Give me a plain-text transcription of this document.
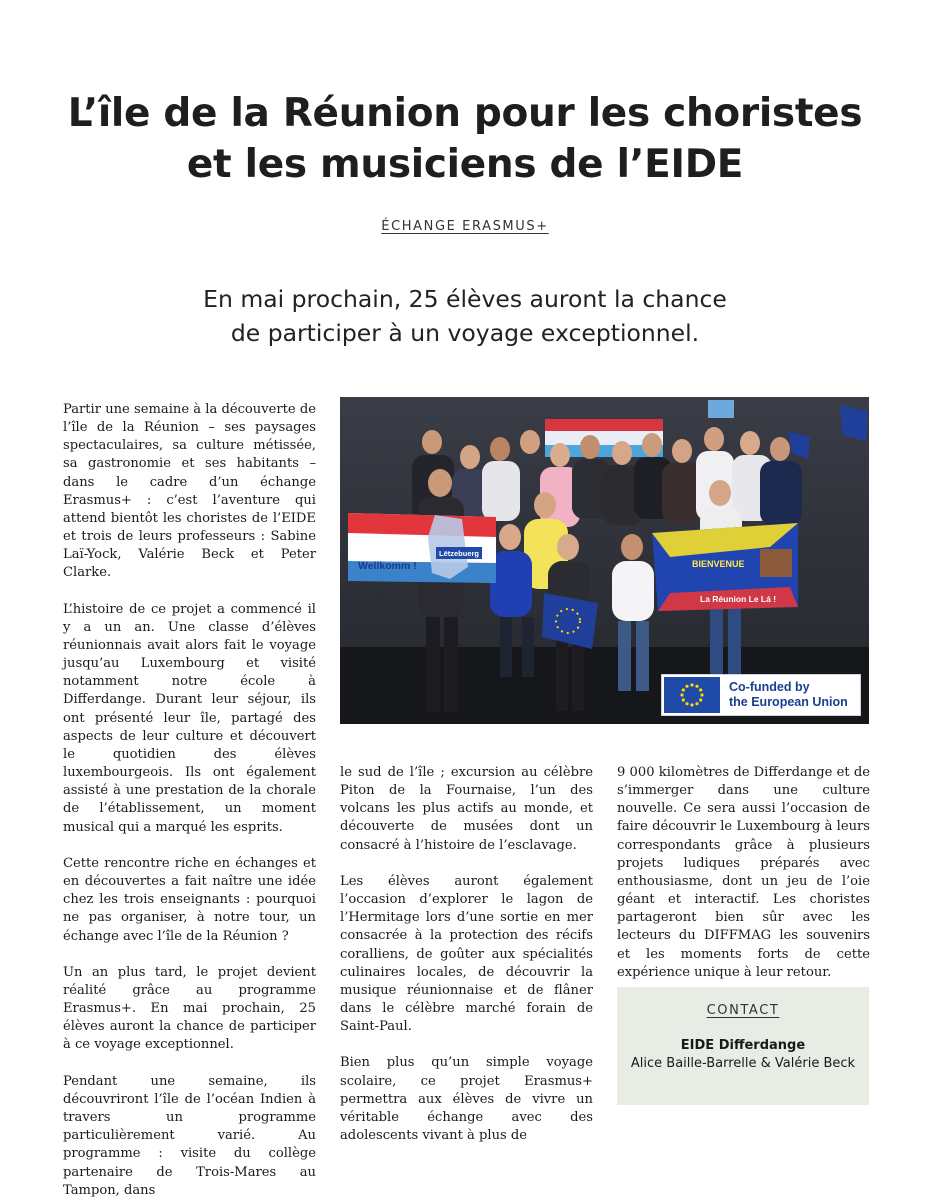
L’île de la Réunion pour les choristes
et les musiciens de l’EIDE
ÉCHANGE ERASMUS+
En mai prochain, 25 élèves auront la chance
de participer à un voyage exceptionnel.

Partir une semaine à la découverte de l’île de la Réunion – ses paysages spectaculaires, sa culture métissée, sa gastronomie et ses habitants – dans le cadre d’un échange Erasmus+ : c’est l’aventure qui attend bientôt les choristes de l’EIDE et trois de leurs professeurs : Sabine Laï-Yock, Valérie Beck et Peter Clarke.

L’histoire de ce projet a commencé il y a un an. Une classe d’élèves réunionnais avait alors fait le voyage jusqu’au Luxembourg et visité notamment notre école à Differdange. Durant leur séjour, ils ont présenté leur île, partagé des aspects de leur culture et découvert le quotidien des élèves luxembourgeois. Ils ont également assisté à une prestation de la chorale de l’établissement, un moment musical qui a marqué les esprits.

Cette rencontre riche en échanges et en découvertes a fait naître une idée chez les trois enseignants : pourquoi ne pas organiser, à notre tour, un échange avec l’île de la Réunion ?

Un an plus tard, le projet devient réalité grâce au programme Erasmus+. En mai prochain, 25 élèves auront la chance de participer à ce voyage exceptionnel.

Pendant une semaine, ils découvriront l’île de l’océan Indien à travers un programme particulièrement varié. Au programme : visite du collège partenaire de Trois-Mares au Tampon, dans

Wellkomm !
Lëtzebuerg
BIENVENUE
La Réunion Le Lá !
Co-funded by
the European Union

le sud de l’île ; excursion au célèbre Piton de la Fournaise, l’un des volcans les plus actifs au monde, et découverte de musées dont un consacré à l’histoire de l’esclavage.

Les élèves auront également l’occasion d’explorer le lagon de l’Hermitage lors d’une sortie en mer consacrée à la protection des récifs coralliens, de goûter aux spécialités culinaires locales, de découvrir la musique réunionnaise et de flâner dans le célèbre marché forain de Saint-Paul.

Bien plus qu’un simple voyage scolaire, ce projet Erasmus+ permettra aux élèves de vivre un véritable échange avec des adolescents vivant à plus de

9 000 kilomètres de Differdange et de s’immerger dans une culture nouvelle. Ce sera aussi l’occasion de faire découvrir le Luxembourg à leurs correspondants grâce à plusieurs projets ludiques préparés avec enthousiasme, dont un jeu de l’oie géant et interactif. Les choristes partageront bien sûr avec les lecteurs du DIFFMAG les souvenirs et les moments forts de cette expérience unique à leur retour.

CONTACT
EIDE Differdange
Alice Baille-Barrelle & Valérie Beck
